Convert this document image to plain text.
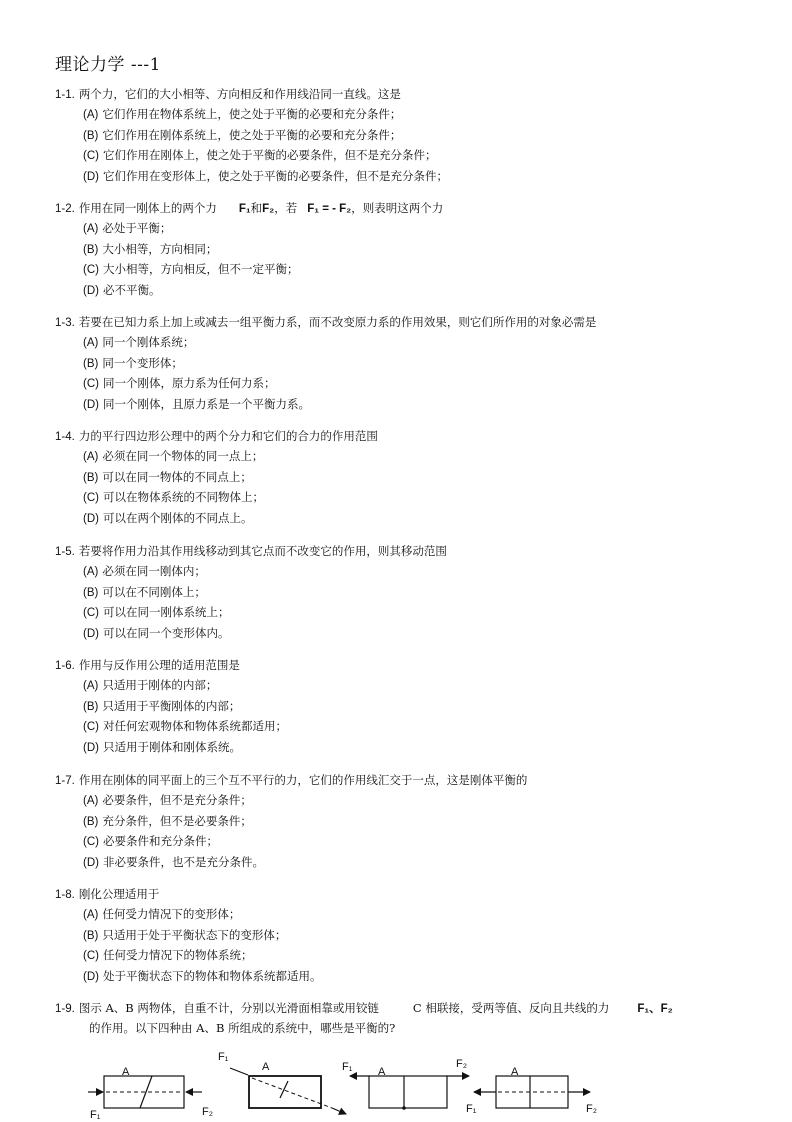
理论力学 ---1
1-1. 两个力，它们的大小相等、方向相反和作用线沿同一直线。这是
(A) 它们作用在物体系统上，使之处于平衡的必要和充分条件；
(B) 它们作用在刚体系统上，使之处于平衡的必要和充分条件；
(C) 它们作用在刚体上，使之处于平衡的必要条件，但不是充分条件；
(D) 它们作用在变形体上，使之处于平衡的必要条件，但不是充分条件；
1-2. 作用在同一刚体上的两个力 F₁和F₂，若 F₁ = - F₂，则表明这两个力
(A) 必处于平衡；
(B) 大小相等，方向相同；
(C) 大小相等，方向相反，但不一定平衡；
(D) 必不平衡。
1-3. 若要在已知力系上加上或减去一组平衡力系，而不改变原力系的作用效果，则它们所作用的对象必需是
(A) 同一个刚体系统；
(B) 同一个变形体；
(C) 同一个刚体，原力系为任何力系；
(D) 同一个刚体，且原力系是一个平衡力系。
1-4. 力的平行四边形公理中的两个分力和它们的合力的作用范围
(A) 必须在同一个物体的同一点上；
(B) 可以在同一物体的不同点上；
(C) 可以在物体系统的不同物体上；
(D) 可以在两个刚体的不同点上。
1-5. 若要将作用力沿其作用线移动到其它点而不改变它的作用，则其移动范围
(A) 必须在同一刚体内；
(B) 可以在不同刚体上；
(C) 可以在同一刚体系统上；
(D) 可以在同一个变形体内。
1-6. 作用与反作用公理的适用范围是
(A) 只适用于刚体的内部；
(B) 只适用于平衡刚体的内部；
(C) 对任何宏观物体和物体系统都适用；
(D) 只适用于刚体和刚体系统。
1-7. 作用在刚体的同平面上的三个互不平行的力，它们的作用线汇交于一点，这是刚体平衡的
(A) 必要条件，但不是充分条件；
(B) 充分条件，但不是必要条件；
(C) 必要条件和充分条件；
(D) 非必要条件，也不是充分条件。
1-8. 刚化公理适用于
(A) 任何受力情况下的变形体；
(B) 只适用于处于平衡状态下的变形体；
(C) 任何受力情况下的物体系统；
(D) 处于平衡状态下的物体和物体系统都适用。
1-9. 图示 A、B 两物体，自重不计，分别以光滑面相靠或用铰链	C 相联接，受两等值、反向且共线的力 F₁、F₂
的作用。以下四种由 A、B 所组成的系统中，哪些是平衡的?
A
F₁	F₂
F₁
A	F₁ A
F₂
A
F₁	F₂
